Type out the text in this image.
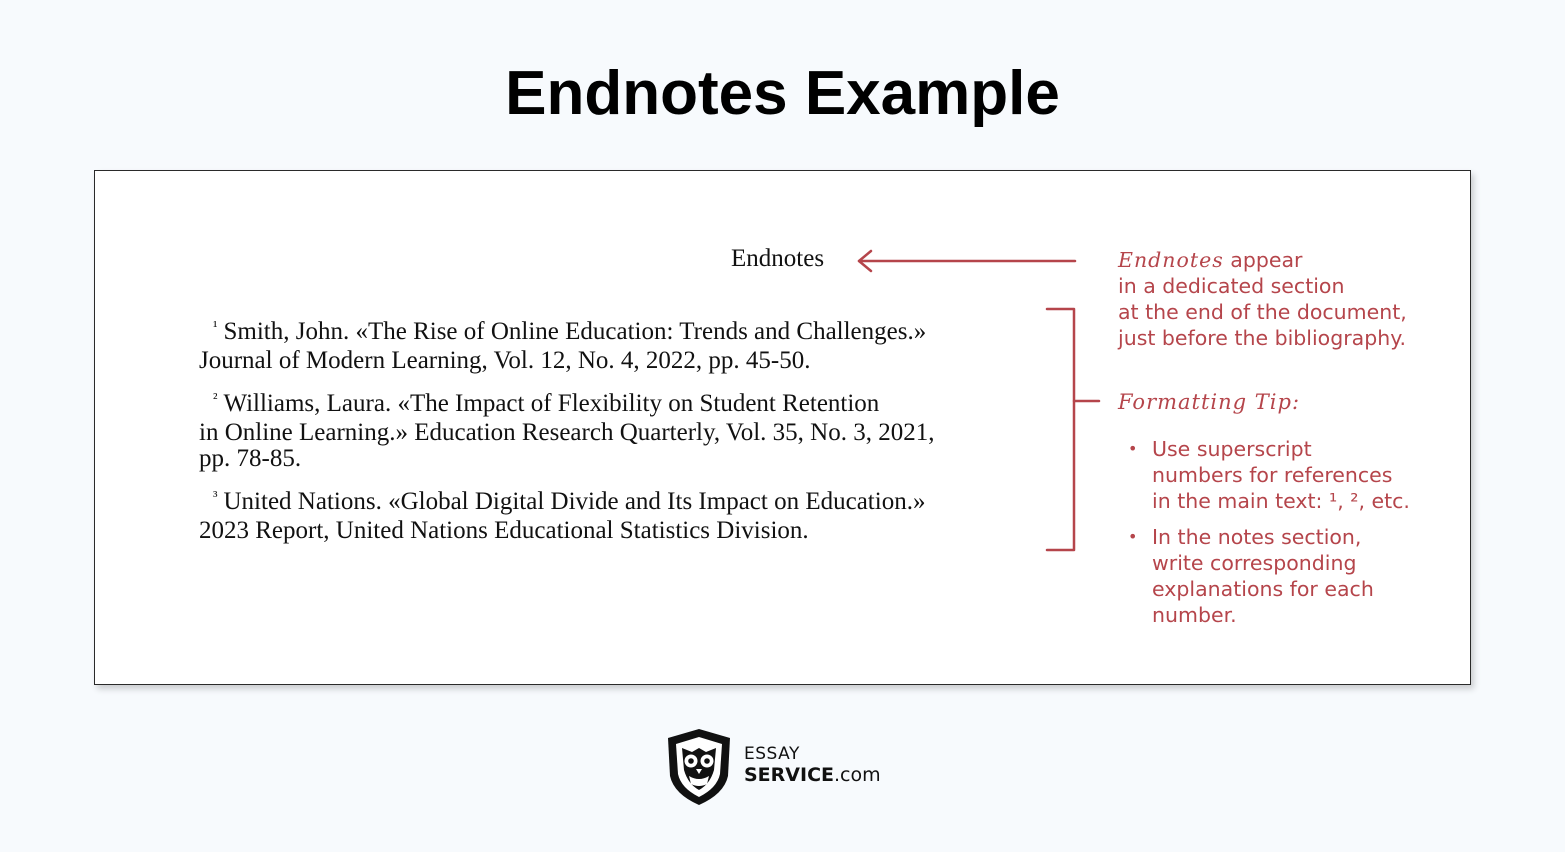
Endnotes Example
Endnotes
$^{^1}$ Smith, John. «The Rise of Online Education: Trends and Challenges.»
Journal of Modern Learning, Vol. 12, No. 4, 2022, pp. 45-50.
$^{^2}$ Williams, Laura. «The Impact of Flexibility on Student Retention
in Online Learning.» Education Research Quarterly, Vol. 35, No. 3, 2021,
pp. 78-85.
$^{^3}$ United Nations. «Global Digital Divide and Its Impact on Education.»
2023 Report, United Nations Educational Statistics Division.
Endnotes appear
in a dedicated section
at the end of the document,
just before the bibliography.
Formatting Tip:
• Use superscript
numbers for references
in the main text: ¹, ², etc.
• In the notes section,
write corresponding
explanations for each
number.
ESSAY
SERVICE.com
